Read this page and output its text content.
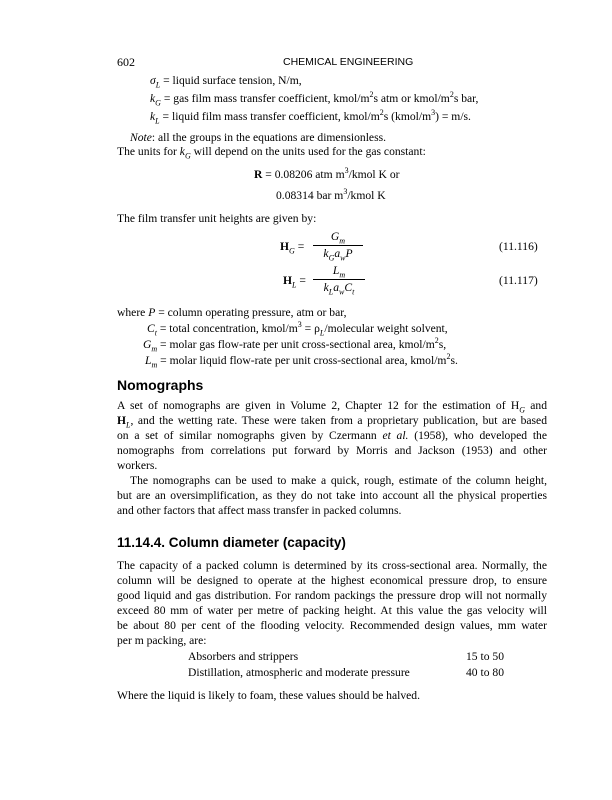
602	CHEMICAL ENGINEERING
$\sigma_L$ = liquid surface tension, N/m,
$k_G$ = gas film mass transfer coefficient, kmol/$m^2s$ atm or kmol/$m^2s$ bar,
$k_L$ = liquid film mass transfer coefficient, kmol/$m^2s$ $(kmol/m^3) = m/s$.
Note: all the groups in the equations are dimensionless.
The units for $k_G$ will depend on the units used for the gas constant:
R = 0.08206 atm $m^3$/kmol K or
0.08314 bar $m^3$/kmol K
The film transfer unit heights are given by:
$H_G$ =
$G_m$
$k_Ga_wP$
(11.116)
$H_L$ =
$L_m$
$k_La_wC_t$
(11.117)
where P = column operating pressure, atm or bar,
$C_t$ = total concentration, kmol/$m^3$ = $\rho_L$/molecular weight solvent,
$G_m$ = molar gas flow-rate per unit cross-sectional area, kmol/$m^2s$,
$L_m$ = molar liquid flow-rate per unit cross-sectional area, kmol/$m^2s$.
Nomographs
A set of nomographs are given in Volume 2, Chapter 12 for the estimation of $H_G$ and
$H_L$, and the wetting rate. These were taken from a proprietary publication, but are based
on a set of similar nomographs given by Czermann et al. (1958), who developed the
nomographs from correlations put forward by Morris and Jackson (1953) and other
workers.
The nomographs can be used to make a quick, rough, estimate of the column height,
but are an oversimplification, as they do not take into account all the physical properties
and other factors that affect mass transfer in packed columns.
11.14.4. Column diameter (capacity)
The capacity of a packed column is determined by its cross-sectional area. Normally, the
column will be designed to operate at the highest economical pressure drop, to ensure
good liquid and gas distribution. For random packings the pressure drop will not normally
exceed 80 mm of water per metre of packing height. At this value the gas velocity will
be about 80 per cent of the flooding velocity. Recommended design values, mm water
per m packing, are:
Absorbers and strippers	15 to 50
Distillation, atmospheric and moderate pressure	40 to 80
Where the liquid is likely to foam, these values should be halved.
